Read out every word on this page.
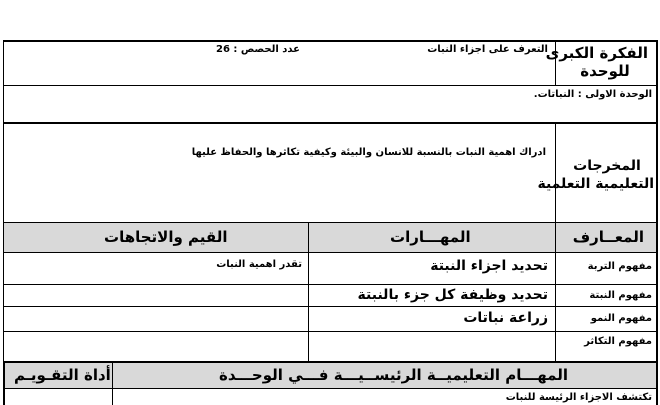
الفكرة الكبرى
للوحدة
التعرف على اجزاء النبات
عدد الحصص : 26
الوحدة الاولى : النباتات.
المخرجات
التعليمية التعلمية
ادراك اهمية النبات بالنسبة للانسان والبيئة وكيفية تكاثرها والحفاظ عليها
المعــارف
المهـــارات
القيم والاتجاهات
مفهوم التربة
تحديد اجزاء النبتة
تقدر اهمية النبات
مفهوم النبتة
تحديد وظيفة كل جزء بالنبتة
مفهوم النمو
زراعة نباتات
مفهوم التكاثر
المهـــام التعليميــة الرئيســيـــة فـــي الوحـــدة
أداة التقـويـم
تكتشف الاجزاء الرئيسة للنبات
